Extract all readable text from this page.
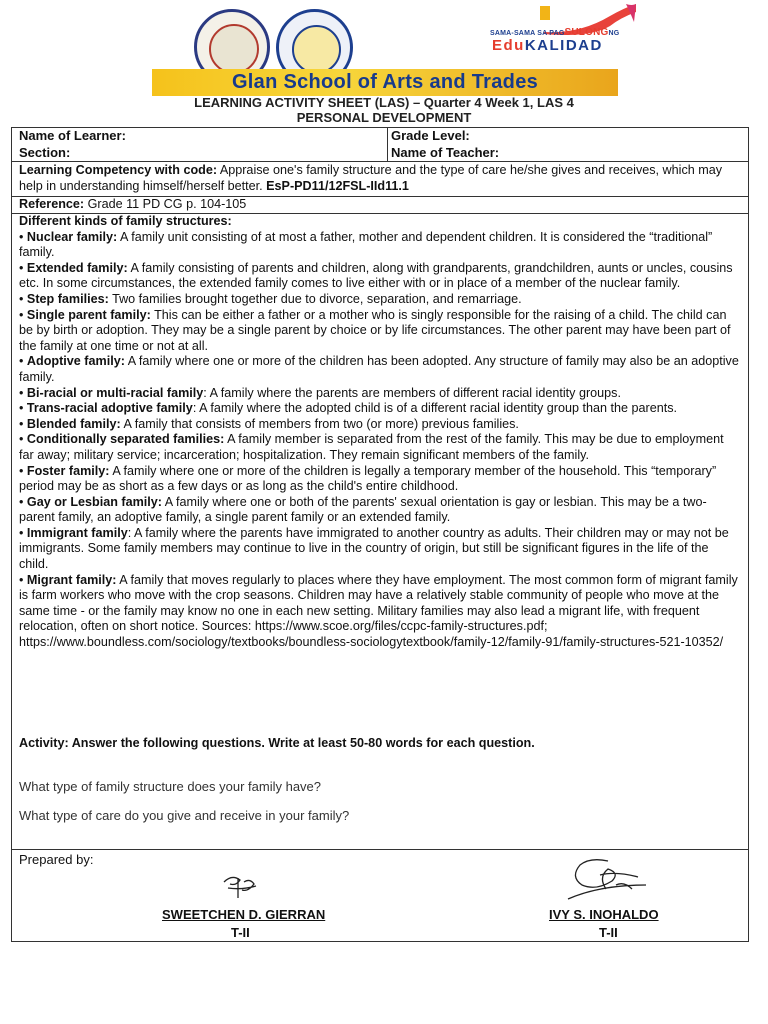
SAMA-SAMA SA PAGSULONGNG
EduKALIDAD
Glan School of Arts and Trades
LEARNING ACTIVITY SHEET (LAS) – Quarter 4 Week 1, LAS 4
PERSONAL DEVELOPMENT
Name of Learner:
Section:
Grade Level:
Name of Teacher:
Learning Competency with code: Appraise one's family structure and the type of care he/she gives and receives, which may help in understanding himself/herself better. EsP-PD11/12FSL-IId11.1
Reference: Grade 11 PD CG p. 104-105

Different kinds of family structures:

• Nuclear family: A family unit consisting of at most a father, mother and dependent children. It is considered the “traditional” family.

• Extended family: A family consisting of parents and children, along with grandparents, grandchildren, aunts or uncles, cousins etc. In some circumstances, the extended family comes to live either with or in place of a member of the nuclear family.

• Step families: Two families brought together due to divorce, separation, and remarriage.

• Single parent family: This can be either a father or a mother who is singly responsible for the raising of a child. The child can be by birth or adoption. They may be a single parent by choice or by life circumstances. The other parent may have been part of the family at one time or not at all.

• Adoptive family: A family where one or more of the children has been adopted. Any structure of family may also be an adoptive family.

• Bi-racial or multi-racial family: A family where the parents are members of different racial identity groups.

• Trans-racial adoptive family: A family where the adopted child is of a different racial identity group than the parents.

• Blended family: A family that consists of members from two (or more) previous families.

• Conditionally separated families: A family member is separated from the rest of the family. This may be due to employment far away; military service; incarceration; hospitalization. They remain significant members of the family.

• Foster family: A family where one or more of the children is legally a temporary member of the household. This “temporary” period may be as short as a few days or as long as the child's entire childhood.

• Gay or Lesbian family: A family where one or both of the parents' sexual orientation is gay or lesbian. This may be a two-parent family, an adoptive family, a single parent family or an extended family.

• Immigrant family: A family where the parents have immigrated to another country as adults. Their children may or may not be immigrants. Some family members may continue to live in the country of origin, but still be significant figures in the life of the child.

• Migrant family: A family that moves regularly to places where they have employment. The most common form of migrant family is farm workers who move with the crop seasons. Children may have a relatively stable community of people who move at the same time - or the family may know no one in each new setting. Military families may also lead a migrant life, with frequent relocation, often on short notice. Sources: https://www.scoe.org/files/ccpc-family-structures.pdf; https://www.boundless.com/sociology/textbooks/boundless-sociologytextbook/family-12/family-91/family-structures-521-10352/

Activity: Answer the following questions. Write at least 50-80 words for each question.
What type of family structure does your family have?
What type of care do you give and receive in your family?
Prepared by:
SWEETCHEN D. GIERRAN
T-II
IVY S. INOHALDO
T-II
